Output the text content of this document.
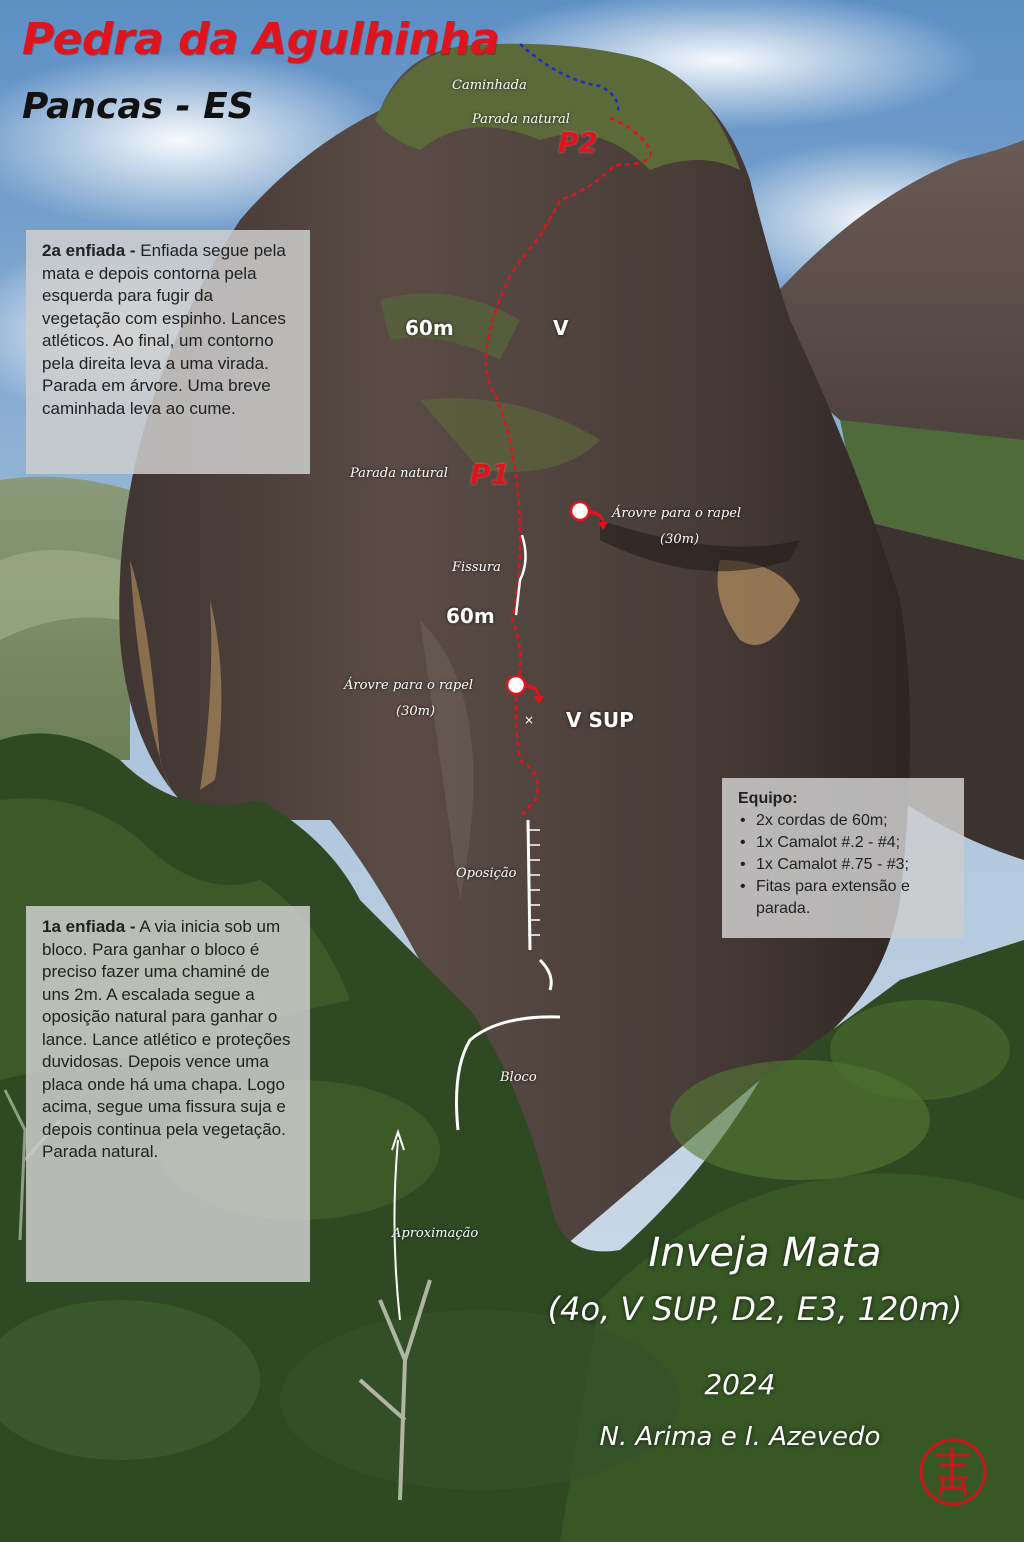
×
Pedra da Agulhinha
Pancas - ES
Caminhada
Parada natural
P2
60m	V
Parada natural P1
Árovre para o rapel
(30m)
Fissura
60m
Árovre para o rapel
(30m)	V SUP
Oposição
Bloco
Aproximação
2a enfiada - Enfiada segue pela mata e depois contorna pela esquerda para fugir da vegetação com espinho. Lances atléticos. Ao final, um contorno pela direita leva a uma virada. Parada em árvore. Uma breve caminhada leva ao cume.
1a enfiada - A via inicia sob um bloco. Para ganhar o bloco é preciso fazer uma chaminé de uns 2m. A escalada segue a oposição natural para ganhar o lance. Lance atlético e proteções duvidosas. Depois vence uma placa onde há uma chapa. Logo acima, segue uma fissura suja e depois continua pela vegetação. Parada natural.
Equipo:
• 2x cordas de 60m;
• 1x Camalot #.2 - #4;
• 1x Camalot #.75 - #3;
• Fitas para extensão e parada.
Inveja Mata
(4o, V SUP, D2, E3, 120m)
2024
N. Arima e I. Azevedo
